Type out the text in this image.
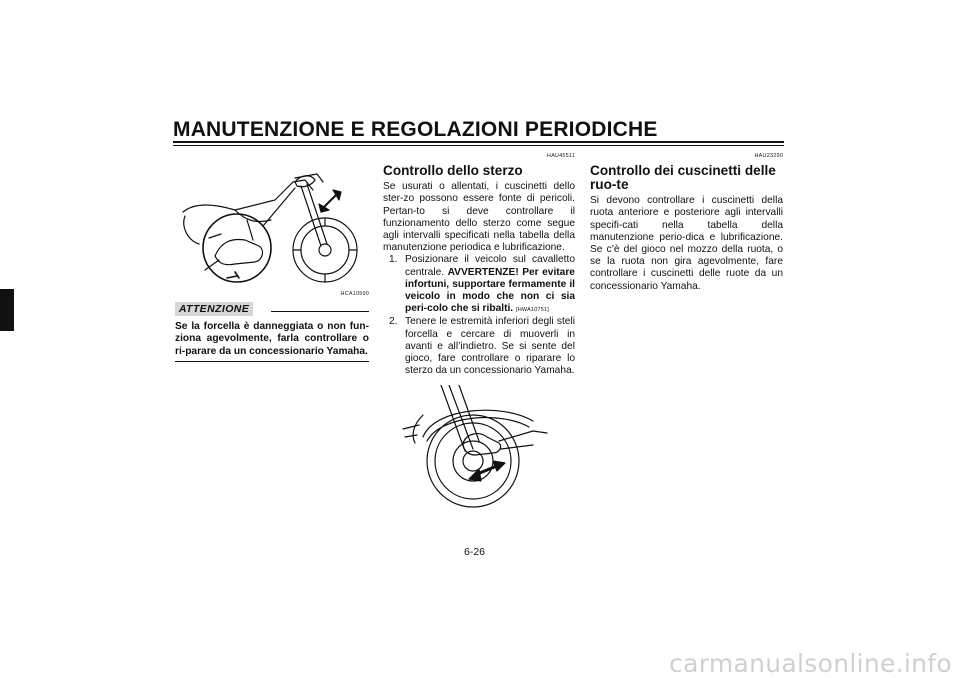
MANUTENZIONE E REGOLAZIONI PERIODICHE
6	HCA10590
ATTENZIONE

Se la forcella è danneggiata o non fun-ziona agevolmente, farla controllare o ri-parare da un concessionario Yamaha.

HAU45511
Controllo dello sterzo

Se usurati o allentati, i cuscinetti dello ster-zo possono essere fonte di pericoli. Pertan-to si deve controllare il funzionamento dello sterzo come segue agli intervalli specificati nella tabella della manutenzione periodica e lubrificazione.

1. Posizionare il veicolo sul cavalletto centrale. AVVERTENZE! Per evitare infortuni, supportare fermamente il veicolo in modo che non ci sia peri-colo che si ribalti. [HWA10751]
2. Tenere le estremità inferiori degli steli forcella e cercare di muoverli in avanti e all’indietro. Se si sente del gioco, fare controllare o riparare lo sterzo da un concessionario Yamaha.
HAU23290
Controllo dei cuscinetti delle ruo-te

Si devono controllare i cuscinetti della ruota anteriore e posteriore agli intervalli specifi-cati nella tabella della manutenzione perio-dica e lubrificazione. Se c’è del gioco nel mozzo della ruota, o se la ruota non gira agevolmente, fare controllare i cuscinetti delle ruote da un concessionario Yamaha.

6-26
carmanualsonline.info
